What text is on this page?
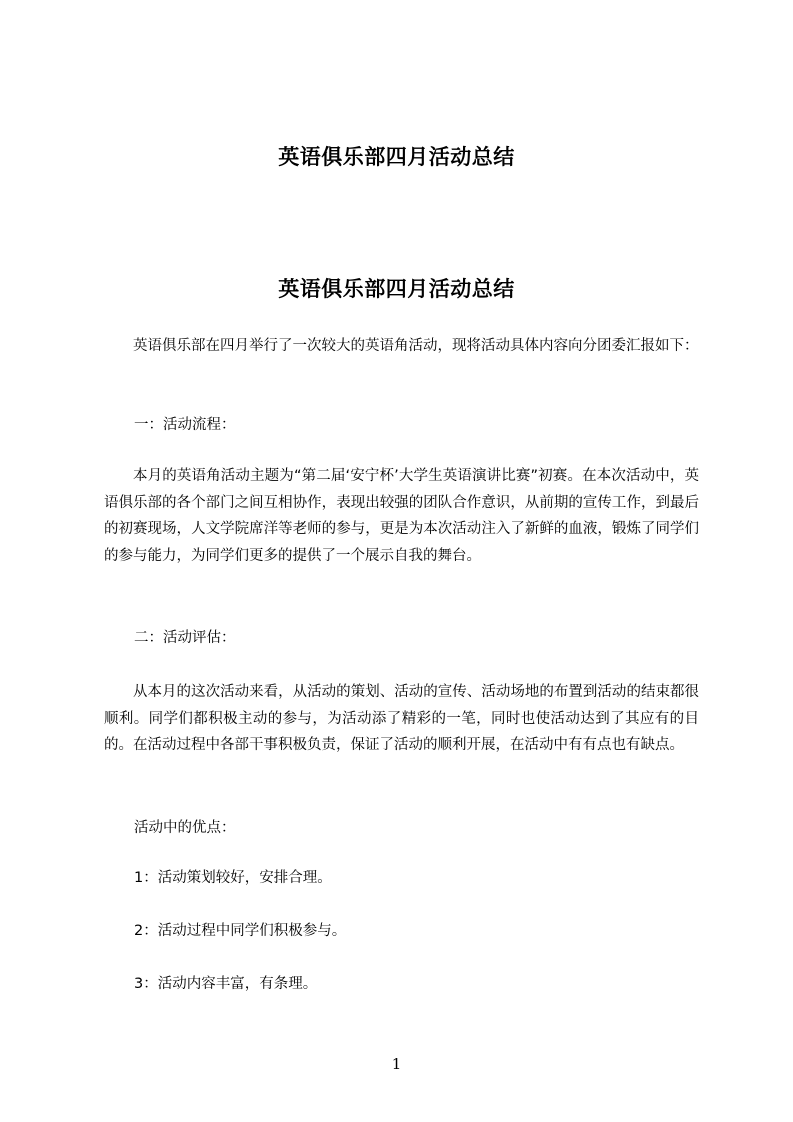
英语俱乐部四月活动总结
英语俱乐部四月活动总结

英语俱乐部在四月举行了一次较大的英语角活动，现将活动具体内容向分团委汇报如下：

一：活动流程：

本月的英语角活动主题为“第二届‘安宁杯’大学生英语演讲比赛”初赛。在本次活动中，英语俱乐部的各个部门之间互相协作，表现出较强的团队合作意识，从前期的宣传工作，到最后的初赛现场，人文学院席洋等老师的参与，更是为本次活动注入了新鲜的血液，锻炼了同学们的参与能力，为同学们更多的提供了一个展示自我的舞台。

二：活动评估：

从本月的这次活动来看，从活动的策划、活动的宣传、活动场地的布置到活动的结束都很顺利。同学们都积极主动的参与，为活动添了精彩的一笔，同时也使活动达到了其应有的目的。在活动过程中各部干事积极负责，保证了活动的顺利开展，在活动中有有点也有缺点。

活动中的优点：

1：活动策划较好，安排合理。

2：活动过程中同学们积极参与。

3：活动内容丰富，有条理。

1
